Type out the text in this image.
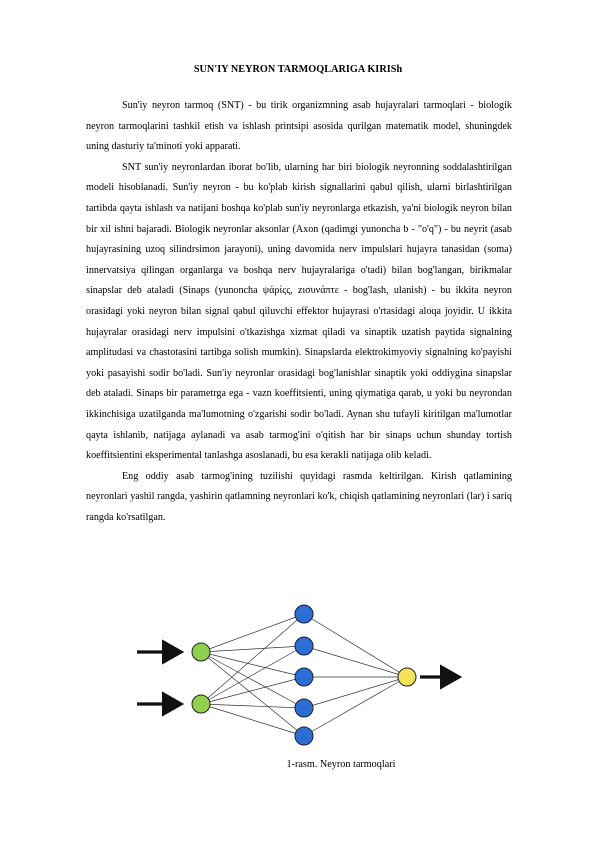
SUN'IY NEYRON TARMOQLARIGA KIRISh

Sun'iy neyron tarmoq (SNT) - bu tirik organizmning asab hujayralari tarmoqlari - biologik neyron tarmoqlarini tashkil etish va ishlash printsipi asosida qurilgan matematik model, shuningdek uning dasturiy ta'minoti yoki apparati.

SNT sun'iy neyronlardan iborat bo'lib, ularning har biri biologik neyronning soddalashtirilgan modeli hisoblanadi. Sun'iy neyron - bu ko'plab kirish signallarini qabul qilish, ularni birlashtirilgan tartibda qayta ishlash va natijani boshqa ko'plab sun'iy neyronlarga etkazish, ya'ni biologik neyron bilan bir xil ishni bajaradi. Biologik neyronlar aksonlar (Axon (qadimgi yunoncha b - "o'q") - bu neyrit (asab hujayrasining uzoq silindrsimon jarayoni), uning davomida nerv impulslari hujayra tanasidan (soma) innervatsiya qilingan organlarga va boshqa nerv hujayralariga o'tadi) bilan bog'langan, birikmalar sinapslar deb ataladi (Sinaps (yunoncha ψάρίςς, zισυνάπτε - bog'lash, ulanish) - bu ikkita neyron orasidagi yoki neyron bilan signal qabul qiluvchi effektor hujayrasi o'rtasidagi aloqa joyidir. U ikkita hujayralar orasidagi nerv impulsini o'tkazishga xizmat qiladi va sinaptik uzatish paytida signalning amplitudasi va chastotasini tartibga solish mumkin). Sinapslarda elektrokimyoviy signalning ko'payishi yoki pasayishi sodir bo'ladi. Sun'iy neyronlar orasidagi bog'lanishlar sinaptik yoki oddiygina sinapslar deb ataladi. Sinaps bir parametrga ega - vazn koeffitsienti, uning qiymatiga qarab, u yoki bu neyrondan ikkinchisiga uzatilganda ma'lumotning o'zgarishi sodir bo'ladi. Aynan shu tufayli kiritilgan ma'lumotlar qayta ishlanib, natijaga aylanadi va asab tarmog'ini o'qitish har bir sinaps uchun shunday tortish koeffitsientini eksperimental tanlashga asoslanadi, bu esa kerakli natijaga olib keladi.

Eng oddiy asab tarmog'ining tuzilishi quyidagi rasmda keltirilgan. Kirish qatlamining neyronlari yashil rangda, yashirin qatlamning neyronlari ko'k, chiqish qatlamining neyronlari (lar) i sariq rangda ko'rsatilgan.

1-rasm. Neyron tarmoqlari
